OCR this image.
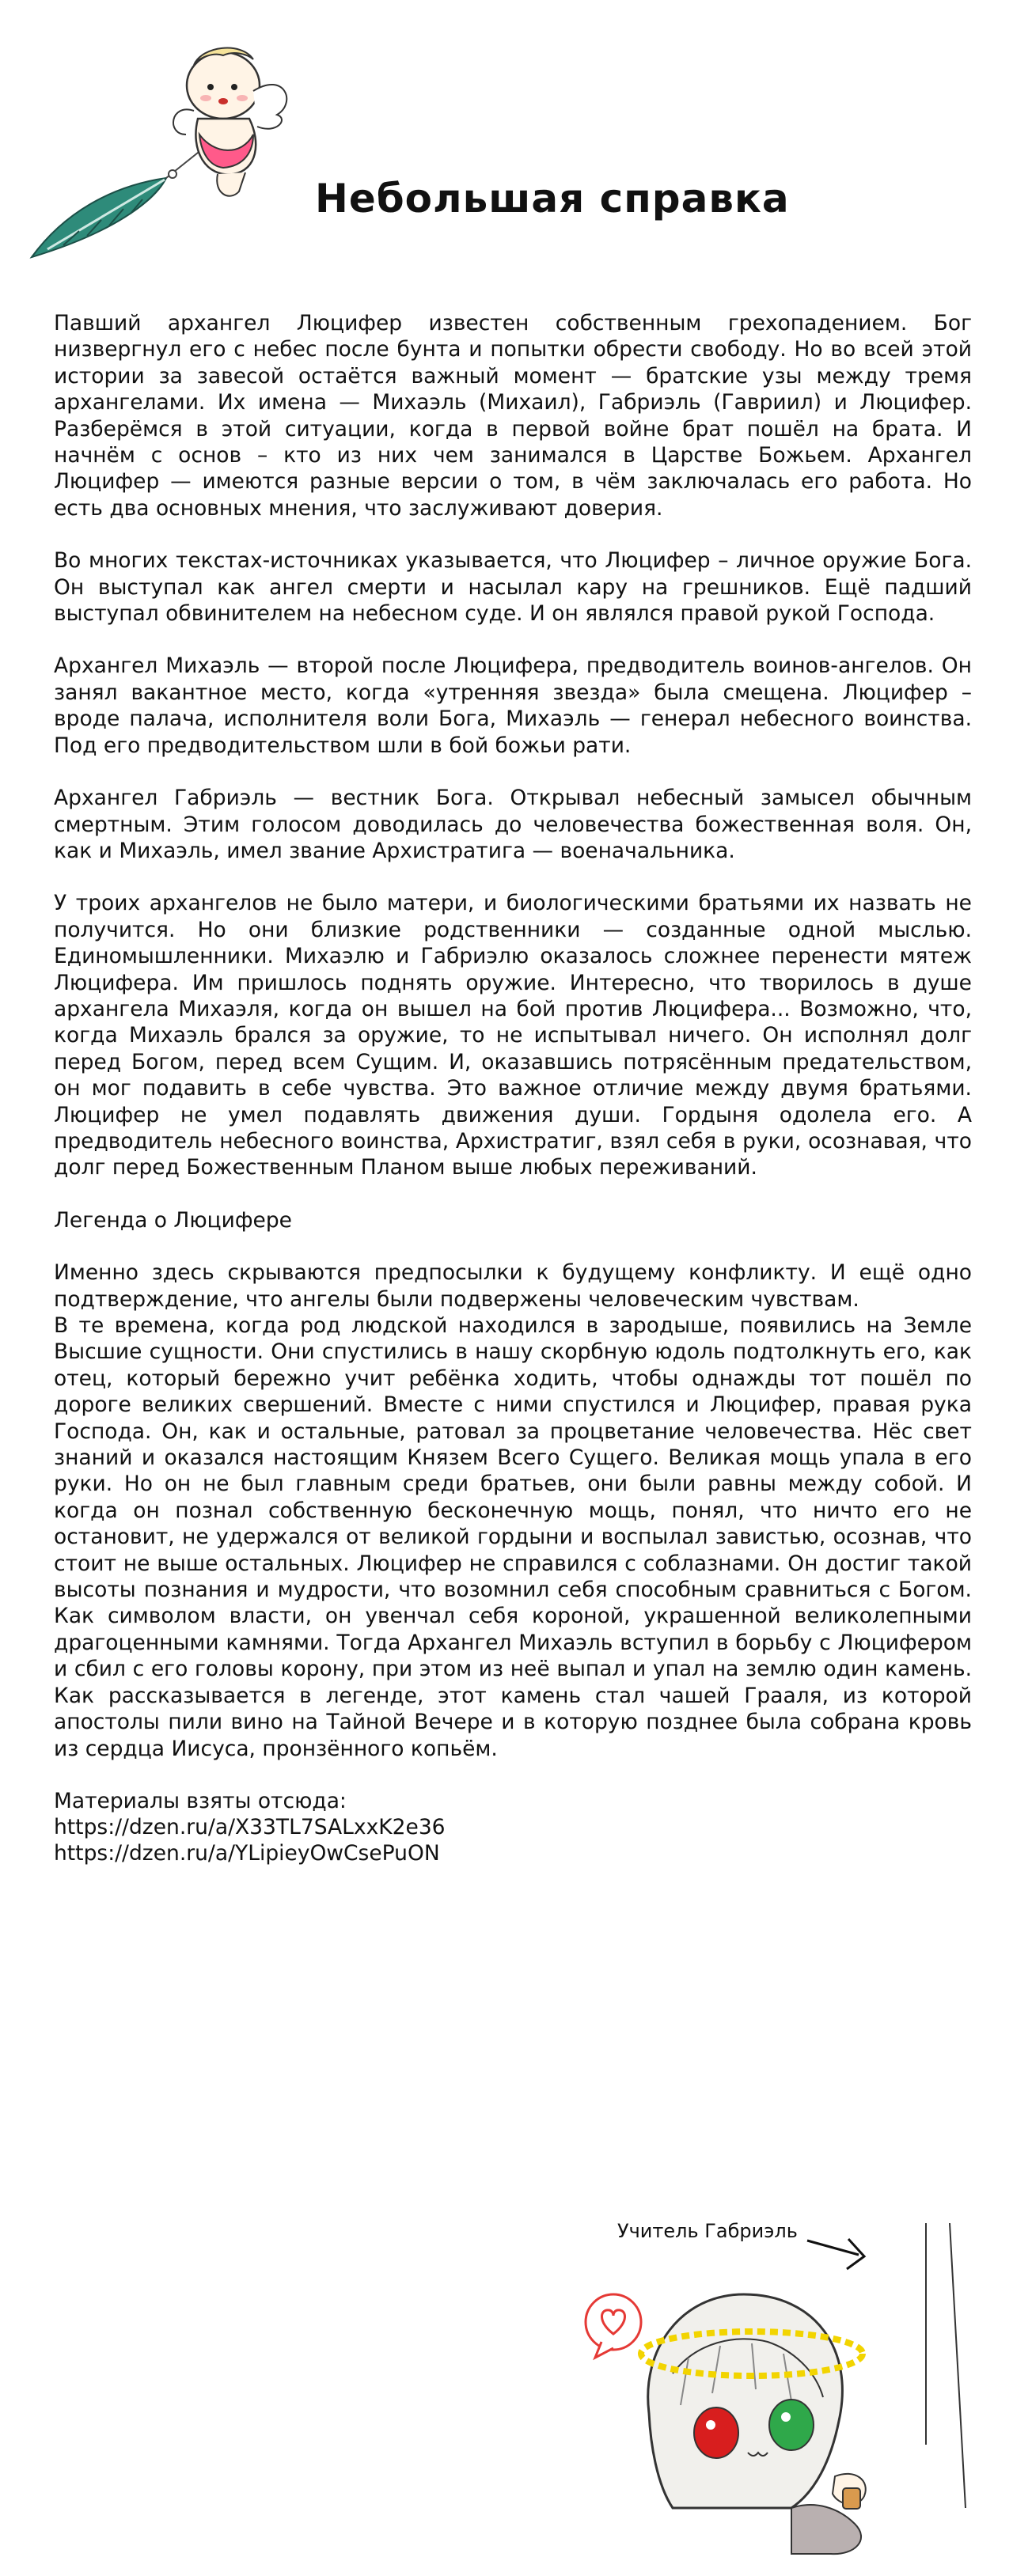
Небольшая справка

Павший архангел Люцифер известен собственным грехопадением. Бог низвергнул его с небес после бунта и попытки обрести свободу. Но во всей этой истории за завесой остаётся важный момент — братские узы между тремя архангелами. Их имена — Михаэль (Михаил), Габриэль (Гавриил) и Люцифер. Разберёмся в этой ситуации, когда в первой войне брат пошёл на брата. И начнём с основ – кто из них чем занимался в Царстве Божьем. Архангел Люцифер — имеются разные версии о том, в чём заключалась его работа. Но есть два основных мнения, что заслуживают доверия.

Во многих текстах-источниках указывается, что Люцифер – личное оружие Бога. Он выступал как ангел смерти и насылал кару на грешников. Ещё падший выступал обвинителем на небесном суде. И он являлся правой рукой Господа.

Архангел Михаэль — второй после Люцифера, предводитель воинов-ангелов. Он занял вакантное место, когда «утренняя звезда» была смещена. Люцифер – вроде палача, исполнителя воли Бога, Михаэль — генерал небесного воинства. Под его предводительством шли в бой божьи рати.

Архангел Габриэль — вестник Бога. Открывал небесный замысел обычным смертным. Этим голосом доводилась до человечества божественная воля. Он, как и Михаэль, имел звание Архистратига — военачальника.

У троих архангелов не было матери, и биологическими братьями их назвать не получится. Но они близкие родственники — созданные одной мыслью. Единомышленники. Михаэлю и Габриэлю оказалось сложнее перенести мятеж Люцифера. Им пришлось поднять оружие. Интересно, что творилось в душе архангела Михаэля, когда он вышел на бой против Люцифера... Возможно, что, когда Михаэль брался за оружие, то не испытывал ничего. Он исполнял долг перед Богом, перед всем Сущим. И, оказавшись потрясённым предательством, он мог подавить в себе чувства. Это важное отличие между двумя братьями. Люцифер не умел подавлять движения души. Гордыня одолела его. А предводитель небесного воинства, Архистратиг, взял себя в руки, осознавая, что долг перед Божественным Планом выше любых переживаний.

Легенда о Люцифере

Именно здесь скрываются предпосылки к будущему конфликту. И ещё одно подтверждение, что ангелы были подвержены человеческим чувствам.

В те времена, когда род людской находился в зародыше, появились на Земле Высшие сущности. Они спустились в нашу скорбную юдоль подтолкнуть его, как отец, который бережно учит ребёнка ходить, чтобы однажды тот пошёл по дороге великих свершений. Вместе с ними спустился и Люцифер, правая рука Господа. Он, как и остальные, ратовал за процветание человечества. Нёс свет знаний и оказался настоящим Князем Всего Сущего. Великая мощь упала в его руки. Но он не был главным среди братьев, они были равны между собой. И когда он познал собственную бесконечную мощь, понял, что ничто его не остановит, не удержался от великой гордыни и воспылал завистью, осознав, что стоит не выше остальных. Люцифер не справился с соблазнами. Он достиг такой высоты познания и мудрости, что возомнил себя способным сравниться с Богом. Как символом власти, он увенчал себя короной, украшенной великолепными драгоценными камнями. Тогда Архангел Михаэль вступил в борьбу с Люцифером и сбил с его головы корону, при этом из неё выпал и упал на землю один камень. Как рассказывается в легенде, этот камень стал чашей Грааля, из которой апостолы пили вино на Тайной Вечере и в которую позднее была собрана кровь из сердца Иисуса, пронзённого копьём.

Материалы взяты отсюда:
https://dzen.ru/a/X33TL7SALxxK2e36
https://dzen.ru/a/YLipieyOwCsePuON
Учитель Габриэль
